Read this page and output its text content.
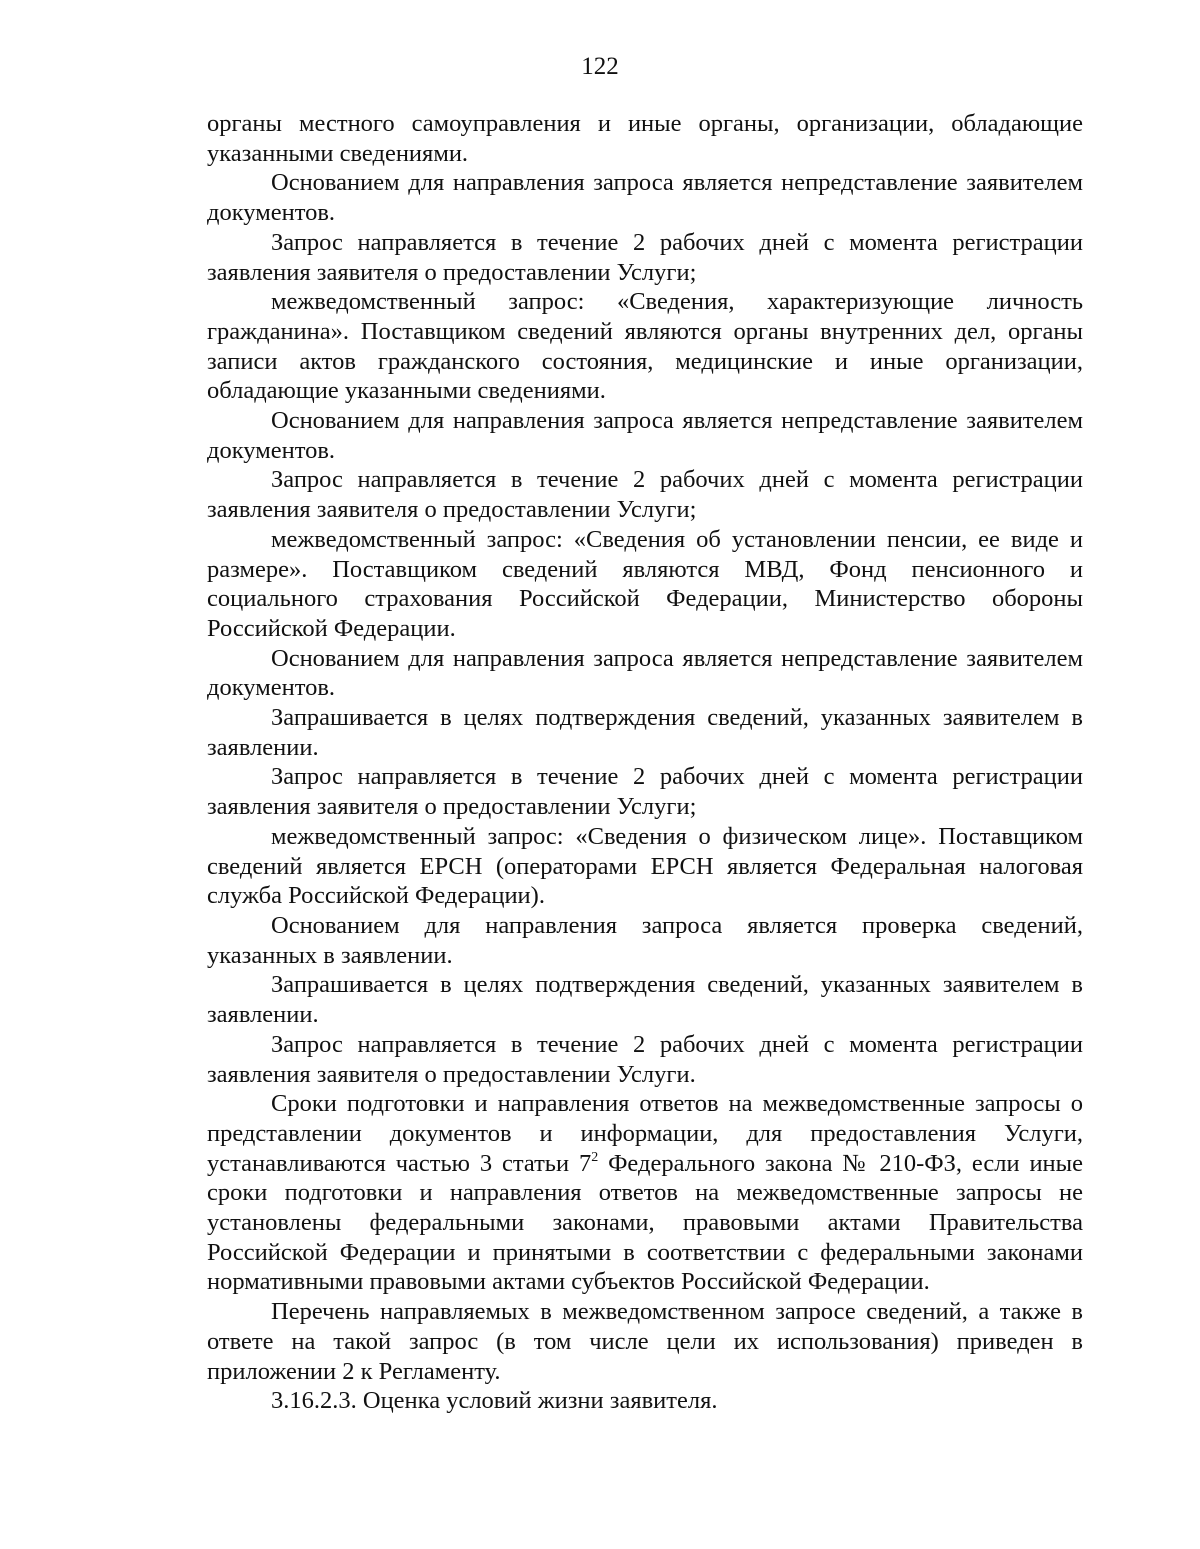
122

органы местного самоуправления и иные органы, организации, обладающие указанными сведениями.

Основанием для направления запроса является непредставление заявителем документов.

Запрос направляется в течение 2 рабочих дней с момента регистрации заявления заявителя о предоставлении Услуги;

межведомственный запрос: «Сведения, характеризующие личность гражданина». Поставщиком сведений являются органы внутренних дел, органы записи актов гражданского состояния, медицинские и иные организации, обладающие указанными сведениями.

Основанием для направления запроса является непредставление заявителем документов.

Запрос направляется в течение 2 рабочих дней с момента регистрации заявления заявителя о предоставлении Услуги;

межведомственный запрос: «Сведения об установлении пенсии, ее виде и размере». Поставщиком сведений являются МВД, Фонд пенсионного и социального страхования Российской Федерации, Министерство обороны Российской Федерации.

Основанием для направления запроса является непредставление заявителем документов.

Запрашивается в целях подтверждения сведений, указанных заявителем в заявлении.

Запрос направляется в течение 2 рабочих дней с момента регистрации заявления заявителя о предоставлении Услуги;

межведомственный запрос: «Сведения о физическом лице». Поставщиком сведений является ЕРСН (операторами ЕРСН является Федеральная налоговая служба Российской Федерации).

Основанием для направления запроса является проверка сведений, указанных в заявлении.

Запрашивается в целях подтверждения сведений, указанных заявителем в заявлении.

Запрос направляется в течение 2 рабочих дней с момента регистрации заявления заявителя о предоставлении Услуги.

Сроки подготовки и направления ответов на межведомственные запросы о представлении документов и информации, для предоставления Услуги, устанавливаются частью 3 статьи $7^2$ Федерального закона № 210-ФЗ, если иные сроки подготовки и направления ответов на межведомственные запросы не установлены федеральными законами, правовыми актами Правительства Российской Федерации и принятыми в соответствии с федеральными законами нормативными правовыми актами субъектов Российской Федерации.

Перечень направляемых в межведомственном запросе сведений, а также в ответе на такой запрос (в том числе цели их использования) приведен в приложении 2 к Регламенту.

3.16.2.3. Оценка условий жизни заявителя.
